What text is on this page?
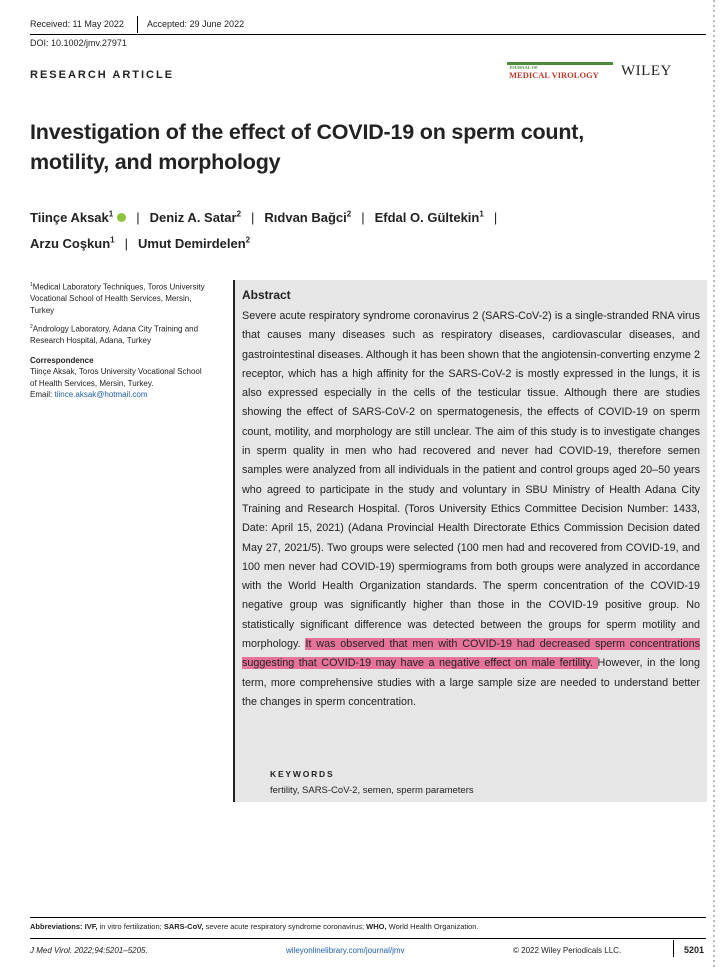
Received: 11 May 2022	Accepted: 29 June 2022
DOI: 10.1002/jmv.27971
RESEARCH ARTICLE
JOURNAL OF
MEDICAL VIROLOGY WILEY
Investigation of the effect of COVID-19 on sperm count,
motility, and morphology
Tiinçe Aksak$^1$ | Deniz A. Satar$^2$ | Rıdvan Bağci$^2$ | Efdal O. Gültekin$^1$ |
Arzu Coşkun$^1$ | Umut Demirdelen$^2$
$^1$Medical Laboratory Techniques, Toros University Vocational School of Health Services, Mersin, Turkey
$^2$Andrology Laboratory, Adana City Training and Research Hospital, Adana, Turkey
Correspondence
Tiinçe Aksak, Toros University Vocational School of Health Services, Mersin, Turkey.
Email: tiince.aksak@hotmail.com
Abstract
Severe acute respiratory syndrome coronavirus 2 (SARS-CoV-2) is a single-stranded RNA virus that causes many diseases such as respiratory diseases, cardiovascular diseases, and gastrointestinal diseases. Although it has been shown that the angiotensin-converting enzyme 2 receptor, which has a high affinity for the SARS-CoV-2 is mostly expressed in the lungs, it is also expressed especially in the cells of the testicular tissue. Although there are studies showing the effect of SARS-CoV-2 on spermatogenesis, the effects of COVID-19 on sperm count, motility, and morphology are still unclear. The aim of this study is to investigate changes in sperm quality in men who had recovered and never had COVID-19, therefore semen samples were analyzed from all individuals in the patient and control groups aged 20–50 years who agreed to participate in the study and voluntary in SBU Ministry of Health Adana City Training and Research Hospital. (Toros University Ethics Committee Decision Number: 1433, Date: April 15, 2021) (Adana Provincial Health Directorate Ethics Commission Decision dated May 27, 2021/5). Two groups were selected (100 men had and recovered from COVID-19, and 100 men never had COVID-19) spermiograms from both groups were analyzed in accordance with the World Health Organization standards. The sperm concentration of the COVID-19 negative group was significantly higher than those in the COVID-19 positive group. No statistically significant difference was detected between the groups for sperm motility and morphology. It was observed that men with COVID-19 had decreased sperm concentrations suggesting that COVID-19 may have a negative effect on male fertility. However, in the long term, more comprehensive studies with a large sample size are needed to understand better the changes in sperm concentration.
KEYWORDS
fertility, SARS-CoV-2, semen, sperm parameters
Abbreviations: IVF, in vitro fertilization; SARS-CoV, severe acute respiratory syndrome coronavirus; WHO, World Health Organization.
J Med Virol. 2022;94:5201–5205.	wileyonlinelibrary.com/journal/jmv	© 2022 Wiley Periodicals LLC.	5201
